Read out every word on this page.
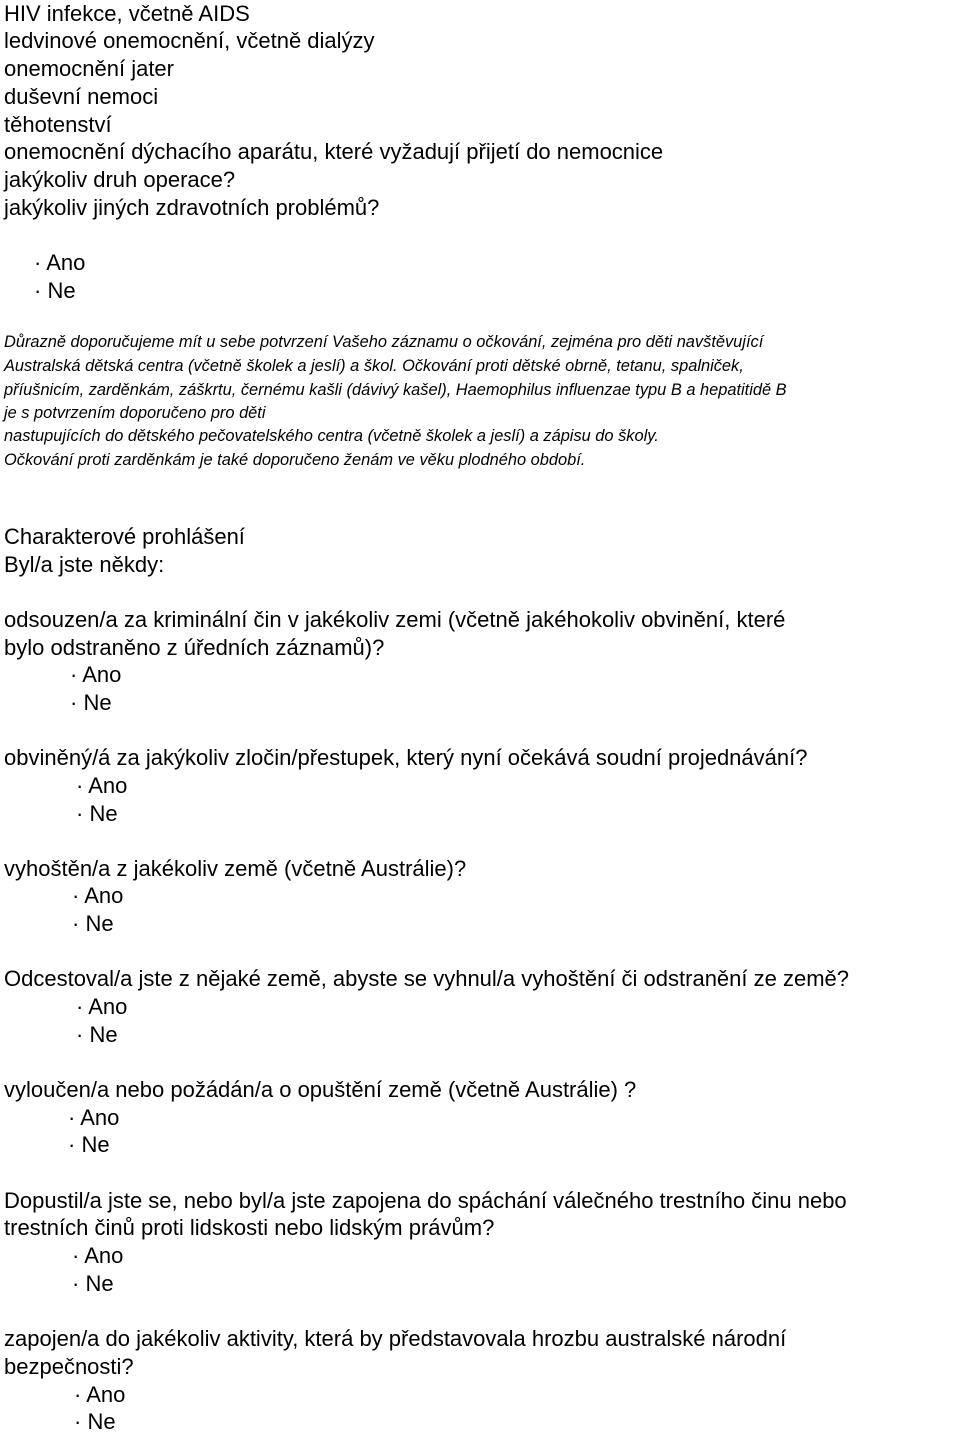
HIV infekce, včetně AIDS
ledvinové onemocnění, včetně dialýzy
onemocnění jater
duševní nemoci
těhotenství
onemocnění dýchacího aparátu, které vyžadují přijetí do nemocnice
jakýkoliv druh operace?
jakýkoliv jiných zdravotních problémů?
· Ano
· Ne
Důrazně doporučujeme mít u sebe potvrzení Vašeho záznamu o očkování, zejména pro děti navštěvující
Australská dětská centra (včetně školek a jeslí) a škol. Očkování proti dětské obrně, tetanu, spalniček,
příušnicím, zarděnkám, záškrtu, černému kašli (dávivý kašel), Haemophilus influenzae typu B a hepatitidě B
je s potvrzením doporučeno pro děti
nastupujících do dětského pečovatelského centra (včetně školek a jeslí) a zápisu do školy.
Očkování proti zarděnkám je také doporučeno ženám ve věku plodného období.
Charakterové prohlášení
Byl/a jste někdy:
odsouzen/a za kriminální čin v jakékoliv zemi (včetně jakéhokoliv obvinění, které
bylo odstraněno z úředních záznamů)?
· Ano
· Ne
obviněný/á za jakýkoliv zločin/přestupek, který nyní očekává soudní projednávání?
· Ano
· Ne
vyhoštěn/a z jakékoliv země (včetně Austrálie)?
· Ano
· Ne
Odcestoval/a jste z nějaké země, abyste se vyhnul/a vyhoštění či odstranění ze země?
· Ano
· Ne
vyloučen/a nebo požádán/a o opuštění země (včetně Austrálie) ?
· Ano
· Ne
Dopustil/a jste se, nebo byl/a jste zapojena do spáchání válečného trestního činu nebo
trestních činů proti lidskosti nebo lidským právům?
· Ano
· Ne
zapojen/a do jakékoliv aktivity, která by představovala hrozbu australské národní
bezpečnosti?
· Ano
· Ne
